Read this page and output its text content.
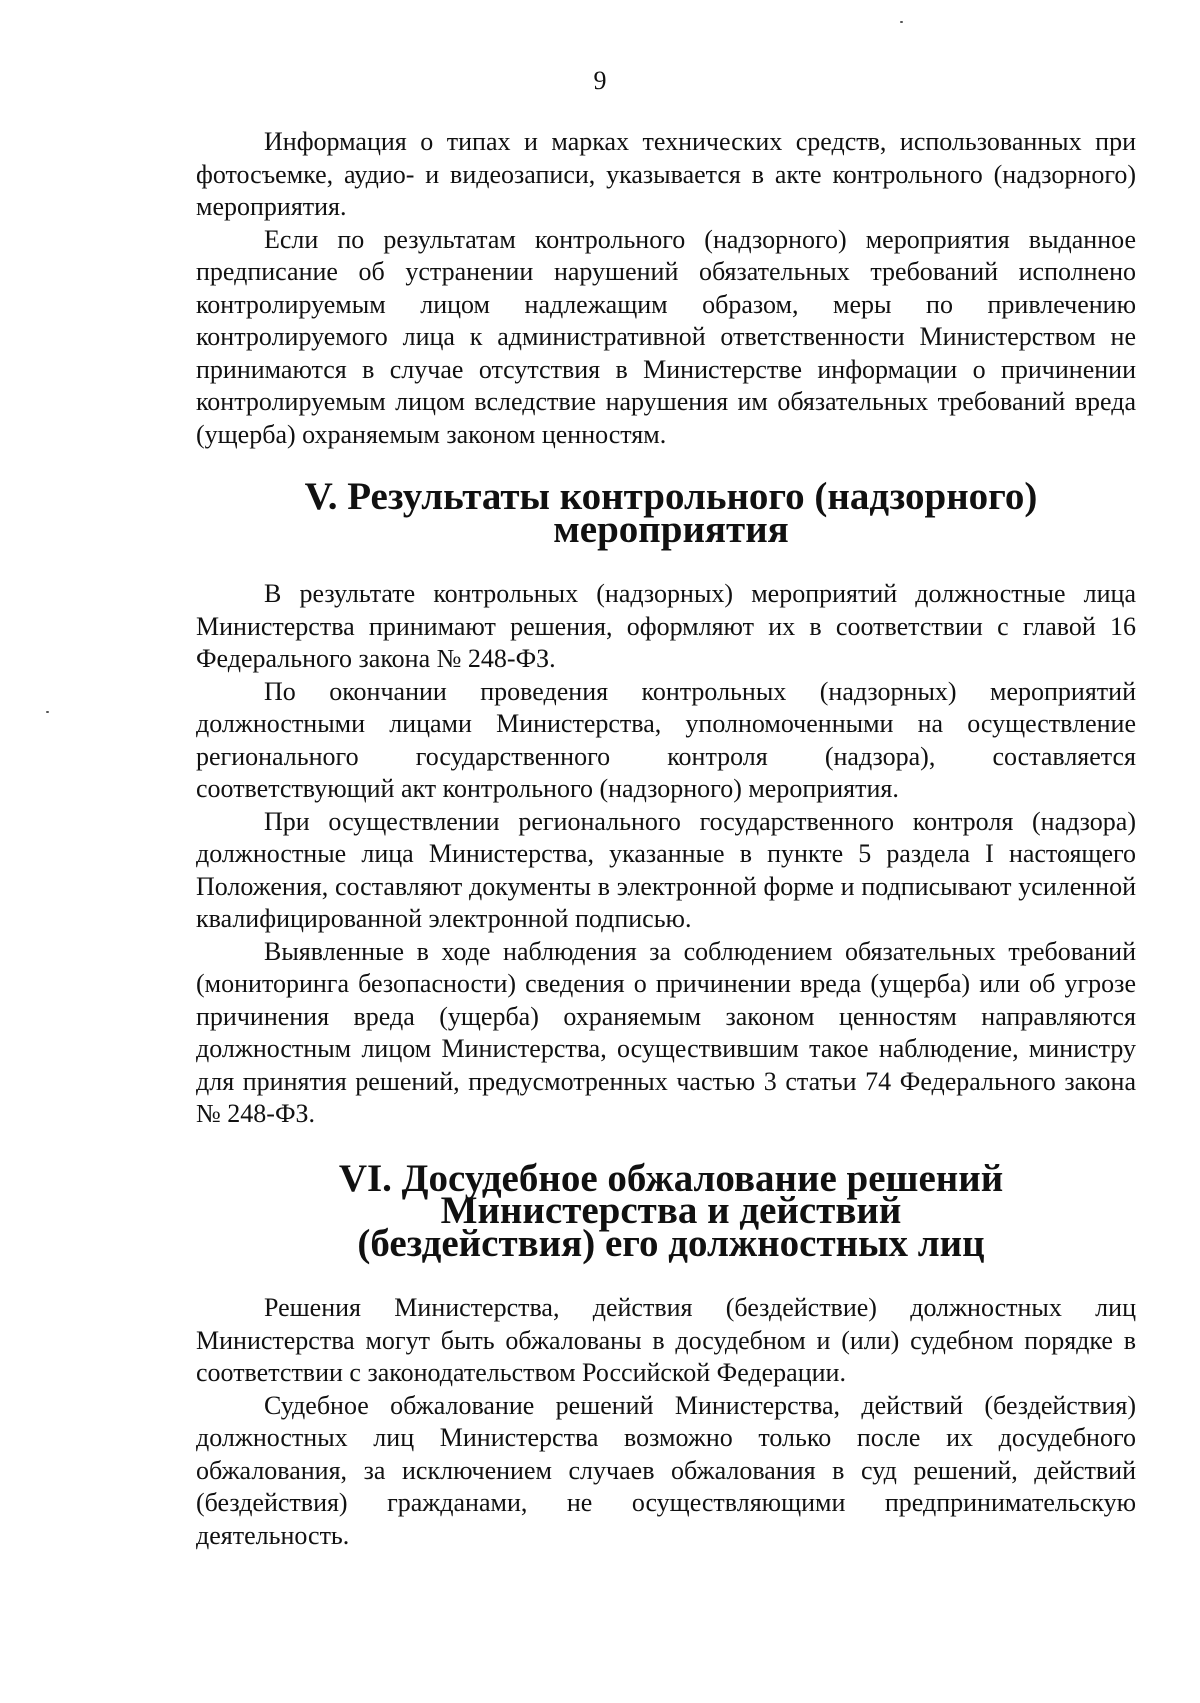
9

Информация о типах и марках технических средств, использованных при фотосъемке, аудио- и видеозаписи, указывается в акте контрольного (надзорного) мероприятия.

Если по результатам контрольного (надзорного) мероприятия выданное предписание об устранении нарушений обязательных требований исполнено контролируемым лицом надлежащим образом, меры по привлечению контролируемого лица к административной ответственности Министерством не принимаются в случае отсутствия в Министерстве информации о причинении контролируемым лицом вследствие нарушения им обязательных требований вреда (ущерба) охраняемым законом ценностям.

V. Результаты контрольного (надзорного) мероприятия

В результате контрольных (надзорных) мероприятий должностные лица Министерства принимают решения, оформляют их в соответствии с главой 16 Федерального закона № 248-ФЗ.

По окончании проведения контрольных (надзорных) мероприятий должностными лицами Министерства, уполномоченными на осуществление регионального государственного контроля (надзора), составляется соответствующий акт контрольного (надзорного) мероприятия.

При осуществлении регионального государственного контроля (надзора) должностные лица Министерства, указанные в пункте 5 раздела I настоящего Положения, составляют документы в электронной форме и подписывают усиленной квалифицированной электронной подписью.

Выявленные в ходе наблюдения за соблюдением обязательных требований (мониторинга безопасности) сведения о причинении вреда (ущерба) или об угрозе причинения вреда (ущерба) охраняемым законом ценностям направляются должностным лицом Министерства, осуществившим такое наблюдение, министру для принятия решений, предусмотренных частью 3 статьи 74 Федерального закона № 248-ФЗ.

VI. Досудебное обжалование решений Министерства и действий
(бездействия) его должностных лиц

Решения Министерства, действия (бездействие) должностных лиц Министерства могут быть обжалованы в досудебном и (или) судебном порядке в соответствии с законодательством Российской Федерации.

Судебное обжалование решений Министерства, действий (бездействия) должностных лиц Министерства возможно только после их досудебного обжалования, за исключением случаев обжалования в суд решений, действий (бездействия) гражданами, не осуществляющими предпринимательскую деятельность.
